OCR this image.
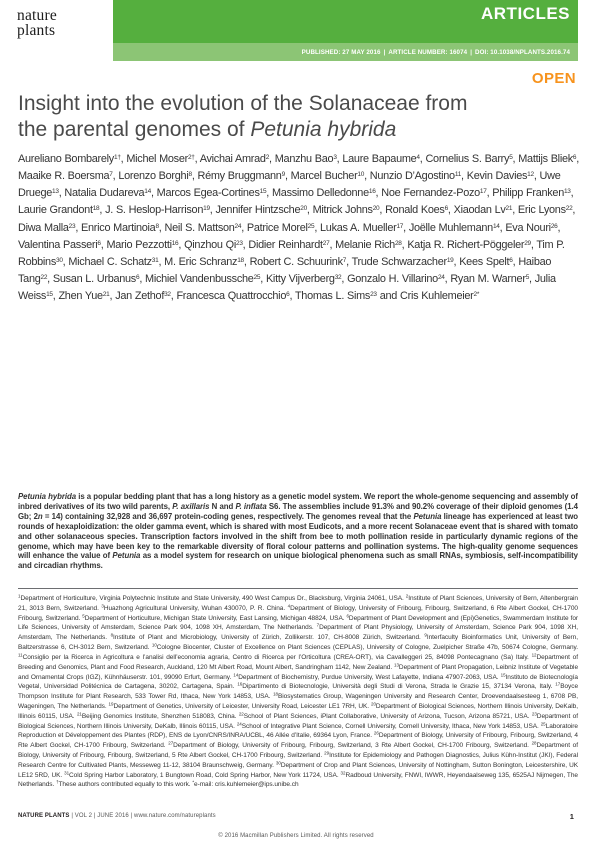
nature
plants
ARTICLES
PUBLISHED: 27 MAY 2016 | ARTICLE NUMBER: 16074 | DOI: 10.1038/NPLANTS.2016.74
OPEN
Insight into the evolution of the Solanaceae from
the parental genomes of Petunia hybrida
Aureliano Bombarely$^{1\dagger}$, Michel Moser$^{2\dagger}$, Avichai Amrad$^2$, Manzhu Bao$^3$, Laure Bapaume$^4$, Cornelius S. Barry$^5$, Mattijs Bliek$^6$, Maaike R. Boersma$^7$, Lorenzo Borghi$^8$, Rémy Bruggmann$^9$, Marcel Bucher$^{10}$, Nunzio D’Agostino$^{11}$, Kevin Davies$^{12}$, Uwe Druege$^{13}$, Natalia Dudareva$^{14}$, Marcos Egea-Cortines$^{15}$, Massimo Delledonne$^{16}$, Noe Fernandez-Pozo$^{17}$, Philipp Franken$^{13}$, Laurie Grandont$^{18}$, J. S. Heslop-Harrison$^{19}$, Jennifer Hintzsche$^{20}$, Mitrick Johns$^{20}$, Ronald Koes$^6$, Xiaodan Lv$^{21}$, Eric Lyons$^{22}$, Diwa Malla$^{23}$, Enrico Martinoia$^8$, Neil S. Mattson$^{24}$, Patrice Morel$^{25}$, Lukas A. Mueller$^{17}$, Joëlle Muhlemann$^{14}$, Eva Nouri$^{26}$, Valentina Passeri$^6$, Mario Pezzotti$^{16}$, Qinzhou Qi$^{23}$, Didier Reinhardt$^{27}$, Melanie Rich$^{28}$, Katja R. Richert-Pöggeler$^{29}$, Tim P. Robbins$^{30}$, Michael C. Schatz$^{31}$, M. Eric Schranz$^{18}$, Robert C. Schuurink$^7$, Trude Schwarzacher$^{19}$, Kees Spelt$^6$, Haibao Tang$^{22}$, Susan L. Urbanus$^6$, Michiel Vandenbussche$^{25}$, Kitty Vijverberg$^{32}$, Gonzalo H. Villarino$^{24}$, Ryan M. Warner$^5$, Julia Weiss$^{15}$, Zhen Yue$^{21}$, Jan Zethof$^{32}$, Francesca Quattrocchio$^6$, Thomas L. Sims$^{23}$ and Cris Kuhlemeier$^{2*}$
Petunia hybrida is a popular bedding plant that has a long history as a genetic model system. We report the whole-genome sequencing and assembly of inbred derivatives of its two wild parents, P. axillaris N and P. inflata S6. The assemblies include 91.3% and 90.2% coverage of their diploid genomes (1.4 Gb; 2n = 14) containing 32,928 and 36,697 protein-coding genes, respectively. The genomes reveal that the Petunia lineage has experienced at least two rounds of hexaploidization: the older gamma event, which is shared with most Eudicots, and a more recent Solanaceae event that is shared with tomato and other solanaceous species. Transcription factors involved in the shift from bee to moth pollination reside in particularly dynamic regions of the genome, which may have been key to the remarkable diversity of floral colour patterns and pollination systems. The high-quality genome sequences will enhance the value of Petunia as a model system for research on unique biological phenomena such as small RNAs, symbiosis, self-incompatibility and circadian rhythms.
$^1$Department of Horticulture, Virginia Polytechnic Institute and State University, 490 West Campus Dr., Blacksburg, Virginia 24061, USA. $^2$Institute of Plant Sciences, University of Bern, Altenbergrain 21, 3013 Bern, Switzerland. $^3$Huazhong Agricultural University, Wuhan 430070, P. R. China. $^4$Department of Biology, University of Fribourg, Fribourg, Switzerland, 6 Rte Albert Gockel, CH-1700 Fribourg, Switzerland. $^5$Department of Horticulture, Michigan State University, East Lansing, Michigan 48824, USA. $^6$Department of Plant Development and (Epi)Genetics, Swammerdam Institute for Life Sciences, University of Amsterdam, Science Park 904, 1098 XH, Amsterdam, The Netherlands. $^7$Department of Plant Physiology, University of Amsterdam, Science Park 904, 1098 XH, Amsterdam, The Netherlands. $^8$Institute of Plant and Microbiology, University of Zürich, Zollikerstr. 107, CH-8008 Zürich, Switzerland. $^9$Interfaculty Bioinformatics Unit, University of Bern, Baltzerstrasse 6, CH-3012 Bern, Switzerland. $^{10}$Cologne Biocenter, Cluster of Excellence on Plant Sciences (CEPLAS), University of Cologne, Zuelpicher Straße 47b, 50674 Cologne, Germany. $^{11}$Consiglio per la Ricerca in Agricoltura e l’analisi dell’economia agraria, Centro di Ricerca per l’Orticoltura (CREA-ORT), via Cavalleggeri 25, 84098 Pontecagnano (Sa) Italy. $^{12}$Department of Breeding and Genomics, Plant and Food Research, Auckland, 120 Mt Albert Road, Mount Albert, Sandringham 1142, New Zealand. $^{13}$Department of Plant Propagation, Leibniz Institute of Vegetable and Ornamental Crops (IGZ), Kühnhäuserstr. 101, 99090 Erfurt, Germany. $^{14}$Department of Biochemistry, Purdue University, West Lafayette, Indiana 47907-2063, USA. $^{15}$Instituto de Biotecnología Vegetal, Universidad Politécnica de Cartagena, 30202, Cartagena, Spain. $^{16}$Dipartimento di Biotecnologie, Università degli Studi di Verona, Strada le Grazie 15, 37134 Verona, Italy. $^{17}$Boyce Thompson Institute for Plant Research, 533 Tower Rd, Ithaca, New York 14853, USA. $^{18}$Biosystematics Group, Wageningen University and Research Center, Droevendaalsesteeg 1, 6708 PB, Wageningen, The Netherlands. $^{19}$Department of Genetics, University of Leicester, University Road, Leicester LE1 7RH, UK. $^{20}$Department of Biological Sciences, Northern Illinois University, DeKalb, Illinois 60115, USA. $^{21}$Beijing Genomics Institute, Shenzhen 518083, China. $^{22}$School of Plant Sciences, iPlant Collaborative, University of Arizona, Tucson, Arizona 85721, USA. $^{23}$Department of Biological Sciences, Northern Illinois University, DeKalb, Illinois 60115, USA. $^{24}$School of Integrative Plant Science, Cornell University, Cornell University, Ithaca, New York 14853, USA. $^{25}$Laboratoire Reproduction et Développement des Plantes (RDP), ENS de Lyon/CNRS/INRA/UCBL, 46 Allée d’Italie, 69364 Lyon, France. $^{26}$Department of Biology, University of Fribourg, Fribourg, Switzerland, 4 Rte Albert Gockel, CH-1700 Fribourg, Switzerland. $^{27}$Department of Biology, University of Fribourg, Fribourg, Switzerland, 3 Rte Albert Gockel, CH-1700 Fribourg, Switzerland. $^{28}$Department of Biology, University of Fribourg, Fribourg, Switzerland, 5 Rte Albert Gockel, CH-1700 Fribourg, Switzerland. $^{29}$Institute for Epidemiology and Pathogen Diagnostics, Julius Kühn-Institut (JKI), Federal Research Centre for Cultivated Plants, Messeweg 11-12, 38104 Braunschweig, Germany. $^{30}$Department of Crop and Plant Sciences, University of Nottingham, Sutton Bonington, Leicestershire, UK LE12 5RD, UK. $^{31}$Cold Spring Harbor Laboratory, 1 Bungtown Road, Cold Spring Harbor, New York 11724, USA. $^{32}$Radboud University, FNWI, IWWR, Heyendaalseweg 135, 6525AJ Nijmegen, The Netherlands. †These authors contributed equally to this work. *e-mail: cris.kuhlemeier@ips.unibe.ch
NATURE PLANTS | VOL 2 | JUNE 2016 | www.nature.com/natureplants	1
© 2016 Macmillan Publishers Limited. All rights reserved
